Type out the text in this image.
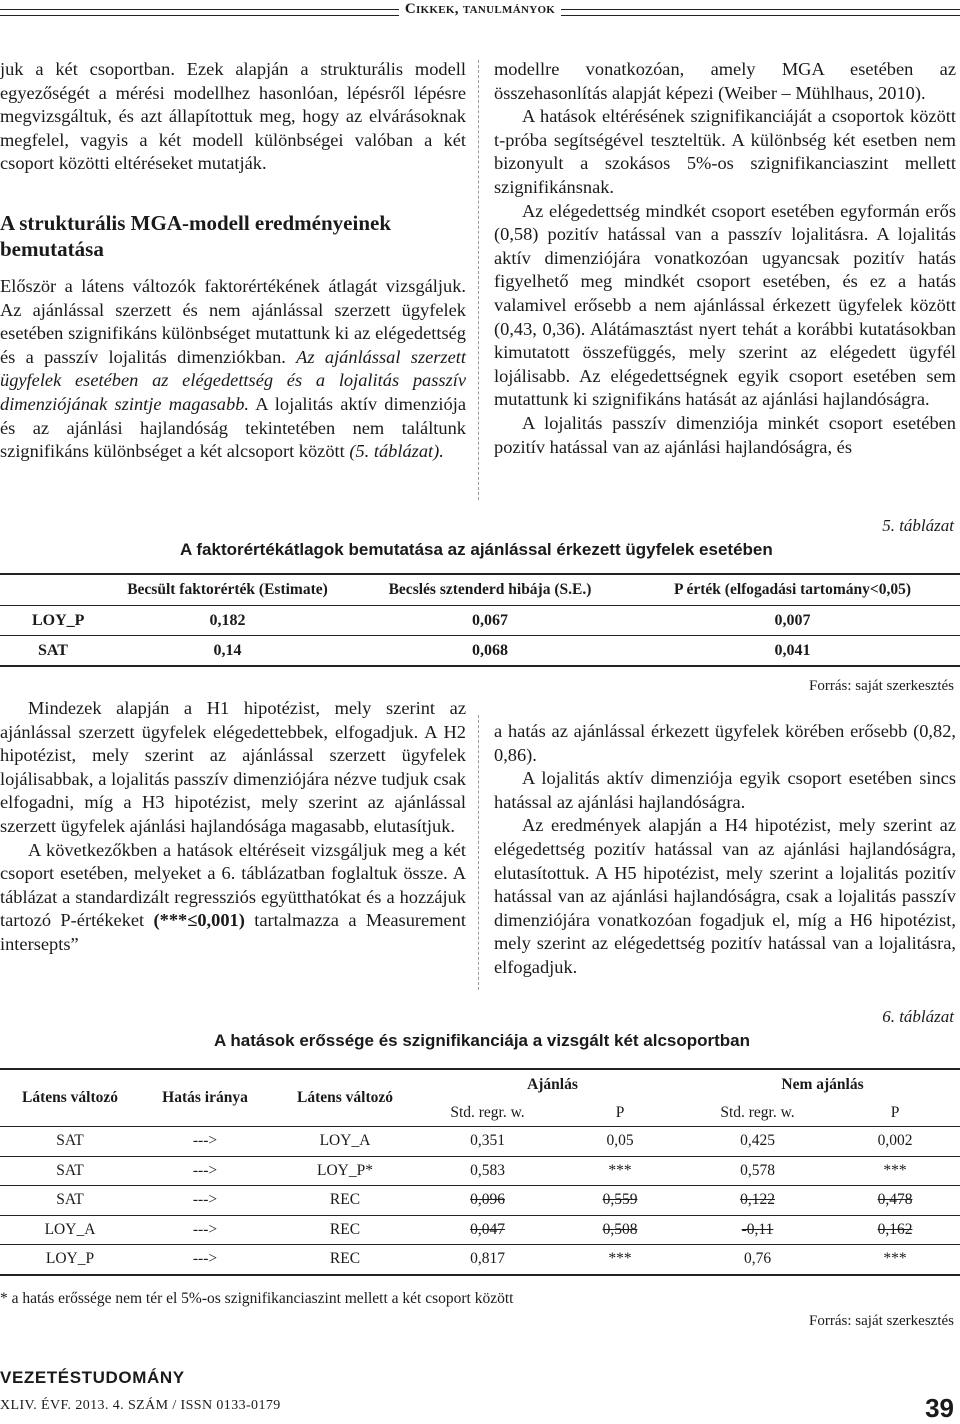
Cikkek, tanulmányok

juk a két csoportban. Ezek alapján a strukturális modell egyezőségét a mérési modellhez hasonlóan, lépésről lépésre megvizsgáltuk, és azt állapítottuk meg, hogy az elvárásoknak megfelel, vagyis a két modell különbségei valóban a két csoport közötti eltéréseket mutatják.

A strukturális MGA-modell eredményeinek bemutatása

Először a látens változók faktorértékének átlagát vizsgáljuk. Az ajánlással szerzett és nem ajánlással szerzett ügyfelek esetében szignifikáns különbséget mutattunk ki az elégedettség és a passzív lojalitás dimenziókban. Az ajánlással szerzett ügyfelek esetében az elégedettség és a lojalitás passzív dimenziójának szintje magasabb. A lojalitás aktív dimenziója és az ajánlási hajlandóság tekintetében nem találtunk szignifikáns különbséget a két alcsoport között (5. táblázat).

modellre vonatkozóan, amely MGA esetében az összehasonlítás alapját képezi (Weiber – Mühlhaus, 2010).

A hatások eltérésének szignifikanciáját a csoportok között t-próba segítségével teszteltük. A különbség két esetben nem bizonyult a szokásos 5%-os szignifikanciaszint mellett szignifikánsnak.

Az elégedettség mindkét csoport esetében egyformán erős (0,58) pozitív hatással van a passzív lojalitásra. A lojalitás aktív dimenziójára vonatkozóan ugyancsak pozitív hatás figyelhető meg mindkét csoport esetében, és ez a hatás valamivel erősebb a nem ajánlással érkezett ügyfelek között (0,43, 0,36). Alátámasztást nyert tehát a korábbi kutatásokban kimutatott összefüggés, mely szerint az elégedett ügyfél lojálisabb. Az elégedettségnek egyik csoport esetében sem mutattunk ki szignifikáns hatását az ajánlási hajlandóságra.

A lojalitás passzív dimenziója minkét csoport esetében pozitív hatással van az ajánlási hajlandóságra, és

5. táblázat
A faktorértékátlagok bemutatása az ajánlással érkezett ügyfelek esetében
	Becsült faktorérték (Estimate)	Becslés sztenderd hibája (S.E.)	P érték (elfogadási tartomány<0,05)
LOY_P	0,182	0,067	0,007
SAT	0,14	0,068	0,041
Forrás: saját szerkesztés

Mindezek alapján a H1 hipotézist, mely szerint az ajánlással szerzett ügyfelek elégedettebbek, elfogadjuk. A H2 hipotézist, mely szerint az ajánlással szerzett ügyfelek lojálisabbak, a lojalitás passzív dimenziójára nézve tudjuk csak elfogadni, míg a H3 hipotézist, mely szerint az ajánlással szerzett ügyfelek ajánlási hajlandósága magasabb, elutasítjuk.

A következőkben a hatások eltéréseit vizsgáljuk meg a két csoport esetében, melyeket a 6. táblázatban foglaltuk össze. A táblázat a standardizált regressziós együtthatókat és a hozzájuk tartozó P-értékeket (***≤0,001) tartalmazza a Measurement intersepts”

a hatás az ajánlással érkezett ügyfelek körében erősebb (0,82, 0,86).

A lojalitás aktív dimenziója egyik csoport esetében sincs hatással az ajánlási hajlandóságra.

Az eredmények alapján a H4 hipotézist, mely szerint az elégedettség pozitív hatással van az ajánlási hajlandóságra, elutasítottuk. A H5 hipotézist, mely szerint a lojalitás pozitív hatással van az ajánlási hajlandóságra, csak a lojalitás passzív dimenziójára vonatkozóan fogadjuk el, míg a H6 hipotézist, mely szerint az elégedettség pozitív hatással van a lojalitásra, elfogadjuk.

6. táblázat
A hatások erőssége és szignifikanciája a vizsgált két alcsoportban
Látens változó	Hatás iránya	Látens változó	Ajánlás		Nem ajánlás	
			Std. regr. w.	P	Std. regr. w.	P
SAT	--->	LOY_A	0,351	0,05	0,425	0,002
SAT	--->	LOY_P*	0,583	***	0,578	***
SAT	--->	REC	0,096	0,559	0,122	0,478
LOY_A	--->	REC	0,047	0,508	-0,11	0,162
LOY_P	--->	REC	0,817	***	0,76	***
* a hatás erőssége nem tér el 5%-os szignifikanciaszint mellett a két csoport között
Forrás: saját szerkesztés
VEZETÉSTUDOMÁNY
XLIV. ÉVF. 2013. 4. SZÁM / ISSN 0133-0179	39
